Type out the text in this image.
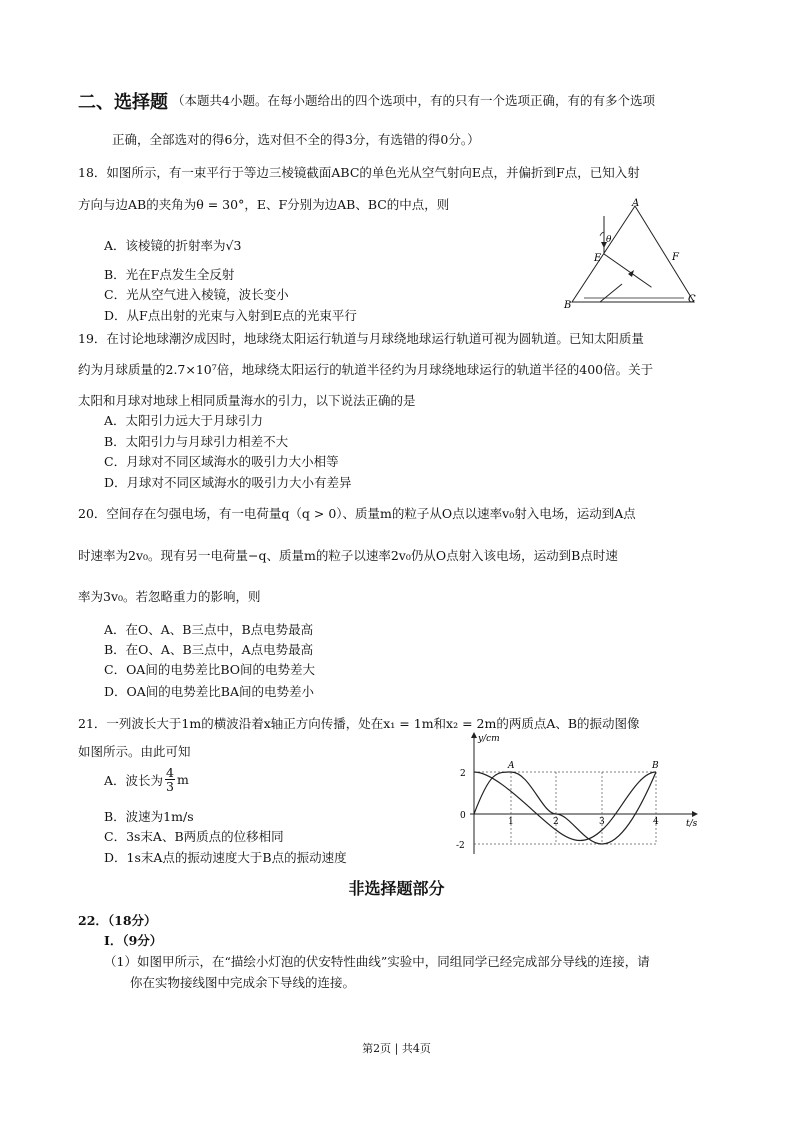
二、选择题 （本题共4小题。在每小题给出的四个选项中，有的只有一个选项正确，有的有多个选项
正确，全部选对的得6分，选对但不全的得3分，有选错的得0分。）
18．如图所示，有一束平行于等边三棱镜截面ABC的单色光从空气射向E点，并偏折到F点，已知入射
方向与边AB的夹角为θ = 30°，E、F分别为边AB、BC的中点，则
A．该棱镜的折射率为√3
B．光在F点发生全反射
C．光从空气进入棱镜，波长变小
D．从F点出射的光束与入射到E点的光束平行
A
B
C
E	F
θ
19．在讨论地球潮汐成因时，地球绕太阳运行轨道与月球绕地球运行轨道可视为圆轨道。已知太阳质量
约为月球质量的2.7×10⁷倍，地球绕太阳运行的轨道半径约为月球绕地球运行的轨道半径的400倍。关于
太阳和月球对地球上相同质量海水的引力，以下说法正确的是
A．太阳引力远大于月球引力
B．太阳引力与月球引力相差不大
C．月球对不同区域海水的吸引力大小相等
D．月球对不同区域海水的吸引力大小有差异
20．空间存在匀强电场，有一电荷量q（q > 0）、质量m的粒子从O点以速率v₀射入电场，运动到A点
时速率为2v₀。现有另一电荷量−q、质量m的粒子以速率2v₀仍从O点射入该电场，运动到B点时速
率为3v₀。若忽略重力的影响，则
A．在O、A、B三点中，B点电势最高
B．在O、A、B三点中，A点电势最高
C．OA间的电势差比BO间的电势差大
D．OA间的电势差比BA间的电势差小
21．一列波长大于1m的横波沿着x轴正方向传播，处在x₁ = 1m和x₂ = 2m的两质点A、B的振动图像
如图所示。由此可知
A．波长为 $\frac{4}{3}$ m
B．波速为1m/s
C．3s末A、B两质点的位移相同
D．1s末A点的振动速度大于B点的振动速度
y/cm
t/s
2
0
-2
1	2	3	4
A	B
非选择题部分
22．（18分）
I．（9分）
（1）如图甲所示，在“描绘小灯泡的伏安特性曲线”实验中，同组同学已经完成部分导线的连接，请
你在实物接线图中完成余下导线的连接。
第2页 | 共4页
